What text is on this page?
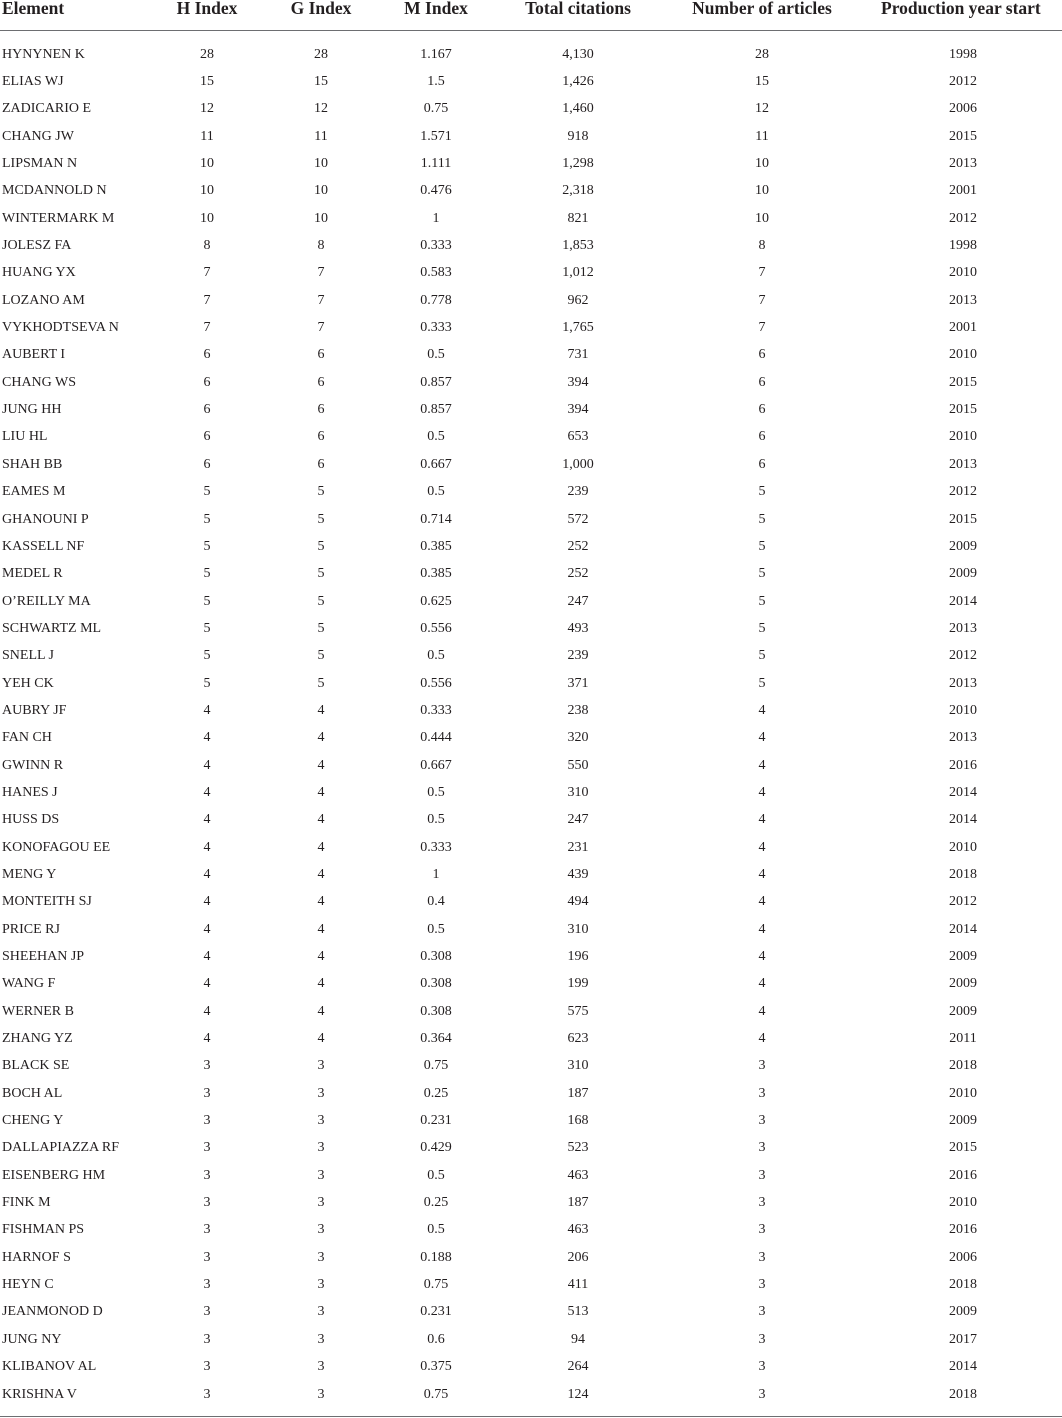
Element	H Index	G Index	M Index	Total citations	Number of articles	Production year start

HYNYNEN K	28	28	1.167	4,130	28	1998
ELIAS WJ	15	15	1.5	1,426	15	2012
ZADICARIO E	12	12	0.75	1,460	12	2006
CHANG JW	11	11	1.571	918	11	2015
LIPSMAN N	10	10	1.111	1,298	10	2013
MCDANNOLD N	10	10	0.476	2,318	10	2001
WINTERMARK M	10	10	1	821	10	2012
JOLESZ FA	8	8	0.333	1,853	8	1998
HUANG YX	7	7	0.583	1,012	7	2010
LOZANO AM	7	7	0.778	962	7	2013
VYKHODTSEVA N	7	7	0.333	1,765	7	2001
AUBERT I	6	6	0.5	731	6	2010
CHANG WS	6	6	0.857	394	6	2015
JUNG HH	6	6	0.857	394	6	2015
LIU HL	6	6	0.5	653	6	2010
SHAH BB	6	6	0.667	1,000	6	2013
EAMES M	5	5	0.5	239	5	2012
GHANOUNI P	5	5	0.714	572	5	2015
KASSELL NF	5	5	0.385	252	5	2009
MEDEL R	5	5	0.385	252	5	2009
O’REILLY MA	5	5	0.625	247	5	2014
SCHWARTZ ML	5	5	0.556	493	5	2013
SNELL J	5	5	0.5	239	5	2012
YEH CK	5	5	0.556	371	5	2013
AUBRY JF	4	4	0.333	238	4	2010
FAN CH	4	4	0.444	320	4	2013
GWINN R	4	4	0.667	550	4	2016
HANES J	4	4	0.5	310	4	2014
HUSS DS	4	4	0.5	247	4	2014
KONOFAGOU EE	4	4	0.333	231	4	2010
MENG Y	4	4	1	439	4	2018
MONTEITH SJ	4	4	0.4	494	4	2012
PRICE RJ	4	4	0.5	310	4	2014
SHEEHAN JP	4	4	0.308	196	4	2009
WANG F	4	4	0.308	199	4	2009
WERNER B	4	4	0.308	575	4	2009
ZHANG YZ	4	4	0.364	623	4	2011
BLACK SE	3	3	0.75	310	3	2018
BOCH AL	3	3	0.25	187	3	2010
CHENG Y	3	3	0.231	168	3	2009
DALLAPIAZZA RF	3	3	0.429	523	3	2015
EISENBERG HM	3	3	0.5	463	3	2016
FINK M	3	3	0.25	187	3	2010
FISHMAN PS	3	3	0.5	463	3	2016
HARNOF S	3	3	0.188	206	3	2006
HEYN C	3	3	0.75	411	3	2018
JEANMONOD D	3	3	0.231	513	3	2009
JUNG NY	3	3	0.6	94	3	2017
KLIBANOV AL	3	3	0.375	264	3	2014
KRISHNA V	3	3	0.75	124	3	2018
